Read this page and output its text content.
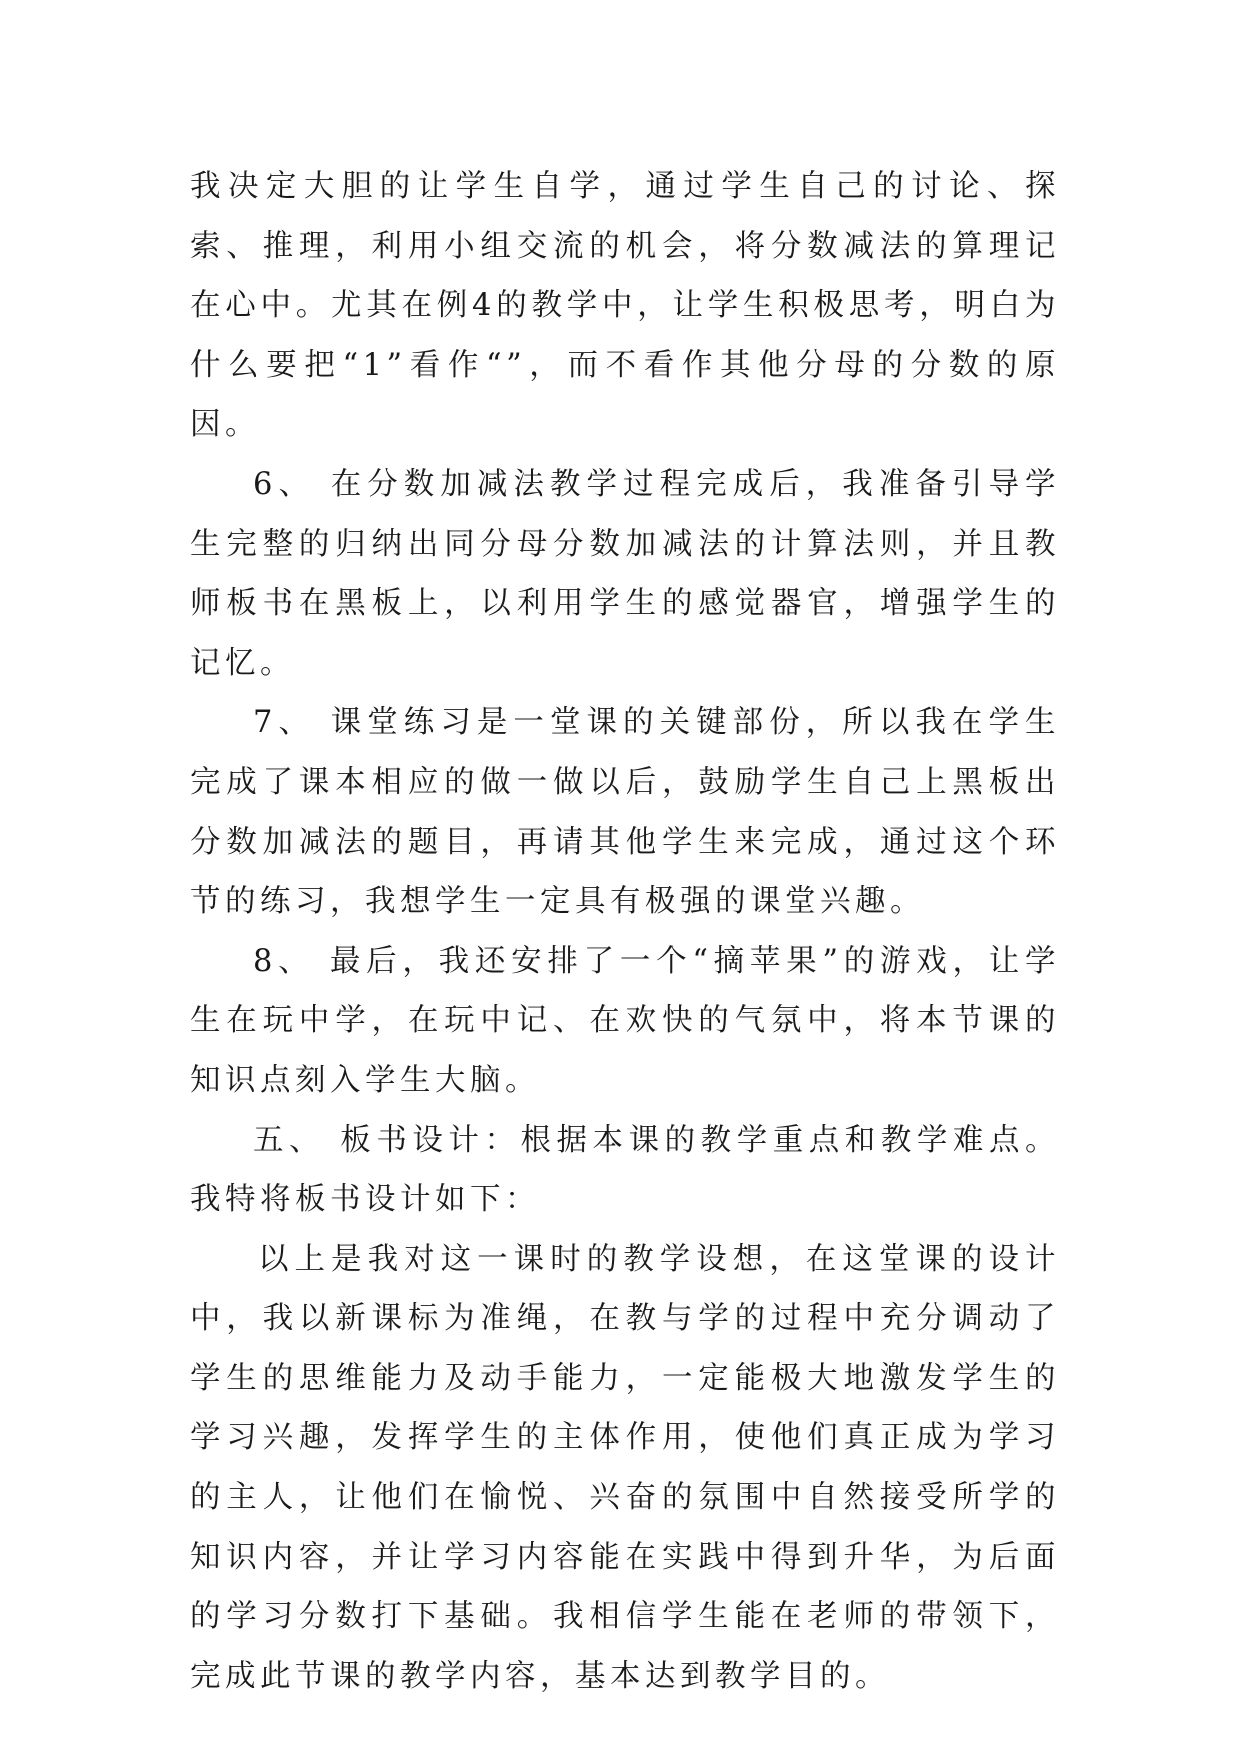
我决定大胆的让学生自学，通过学生自己的讨论、探索、推理，利用小组交流的机会，将分数减法的算理记在心中。尤其在例4的教学中，让学生积极思考，明白为什么要把“1”看作“”，而不看作其他分母的分数的原因。

6、 在分数加减法教学过程完成后，我准备引导学生完整的归纳出同分母分数加减法的计算法则，并且教师板书在黑板上，以利用学生的感觉器官，增强学生的记忆。

7、 课堂练习是一堂课的关键部份，所以我在学生完成了课本相应的做一做以后，鼓励学生自己上黑板出分数加减法的题目，再请其他学生来完成，通过这个环节的练习，我想学生一定具有极强的课堂兴趣。

8、 最后，我还安排了一个“摘苹果”的游戏，让学生在玩中学，在玩中记、在欢快的气氛中，将本节课的知识点刻入学生大脑。

五、 板书设计：根据本课的教学重点和教学难点。我特将板书设计如下：

以上是我对这一课时的教学设想，在这堂课的设计中，我以新课标为准绳，在教与学的过程中充分调动了学生的思维能力及动手能力，一定能极大地激发学生的学习兴趣，发挥学生的主体作用，使他们真正成为学习的主人，让他们在愉悦、兴奋的氛围中自然接受所学的知识内容，并让学习内容能在实践中得到升华，为后面的学习分数打下基础。我相信学生能在老师的带领下，完成此节课的教学内容，基本达到教学目的。
